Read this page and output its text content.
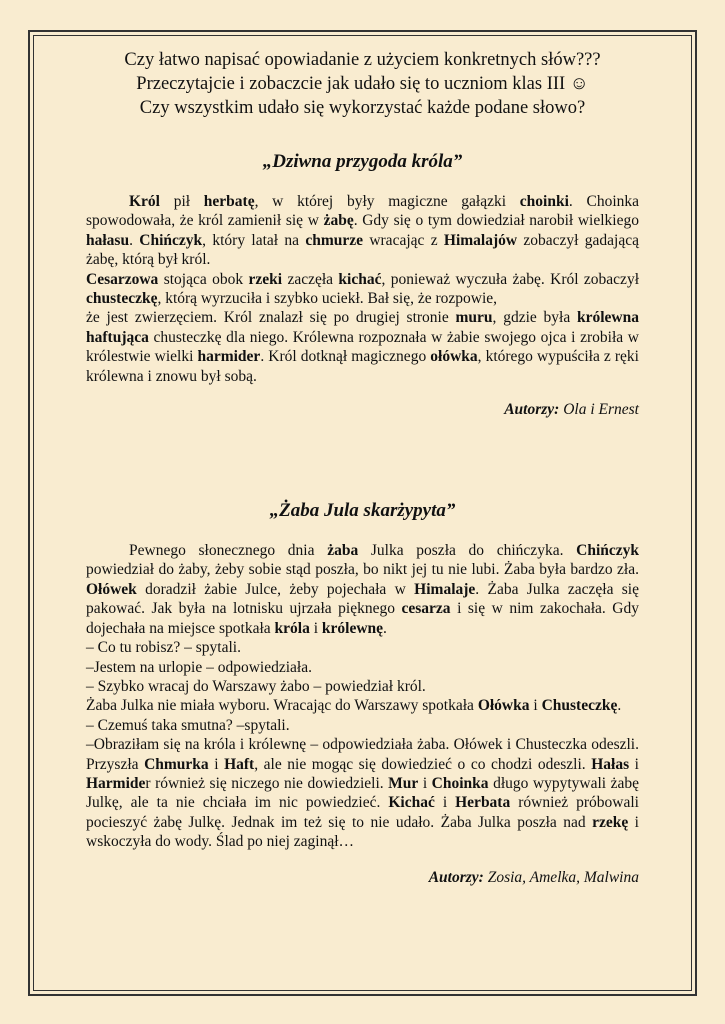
Czy łatwo napisać opowiadanie z użyciem konkretnych słów???
Przeczytajcie i zobaczcie jak udało się to uczniom klas III ☺
Czy wszystkim udało się wykorzystać każde podane słowo?
„Dziwna przygoda króla”

Król pił herbatę, w której były magiczne gałązki choinki. Choinka spowodowała, że król zamienił się w żabę. Gdy się o tym dowiedział narobił wielkiego hałasu. Chińczyk, który latał na chmurze wracając z Himalajów zobaczył gadającą żabę, którą był król.

Cesarzowa stojąca obok rzeki zaczęła kichać, ponieważ wyczuła żabę. Król zobaczył chusteczkę, którą wyrzuciła i szybko uciekł. Bał się, że rozpowie,

że jest zwierzęciem. Król znalazł się po drugiej stronie muru, gdzie była królewna haftująca chusteczkę dla niego. Królewna rozpoznała w żabie swojego ojca i zrobiła w królestwie wielki harmider. Król dotknął magicznego ołówka, którego wypuściła z ręki królewna i znowu był sobą.

Autorzy: Ola i Ernest

„Żaba Jula skarżypyta”

Pewnego słonecznego dnia żaba Julka poszła do chińczyka. Chińczyk powiedział do żaby, żeby sobie stąd poszła, bo nikt jej tu nie lubi. Żaba była bardzo zła. Ołówek doradził żabie Julce, żeby pojechała w Himalaje. Żaba Julka zaczęła się pakować. Jak była na lotnisku ujrzała pięknego cesarza i się w nim zakochała. Gdy dojechała na miejsce spotkała króla i królewnę.

– Co tu robisz? – spytali.

–Jestem na urlopie – odpowiedziała.

– Szybko wracaj do Warszawy żabo – powiedział król.

Żaba Julka nie miała wyboru. Wracając do Warszawy spotkała Ołówka i Chusteczkę.

– Czemuś taka smutna? –spytali.

–Obraziłam się na króla i królewnę – odpowiedziała żaba. Ołówek i Chusteczka odeszli. Przyszła Chmurka i Haft, ale nie mogąc się dowiedzieć o co chodzi odeszli. Hałas i Harmider również się niczego nie dowiedzieli. Mur i Choinka długo wypytywali żabę Julkę, ale ta nie chciała im nic powiedzieć. Kichać i Herbata również próbowali pocieszyć żabę Julkę. Jednak im też się to nie udało. Żaba Julka poszła nad rzekę i wskoczyła do wody. Ślad po niej zaginął…

Autorzy: Zosia, Amelka, Malwina
